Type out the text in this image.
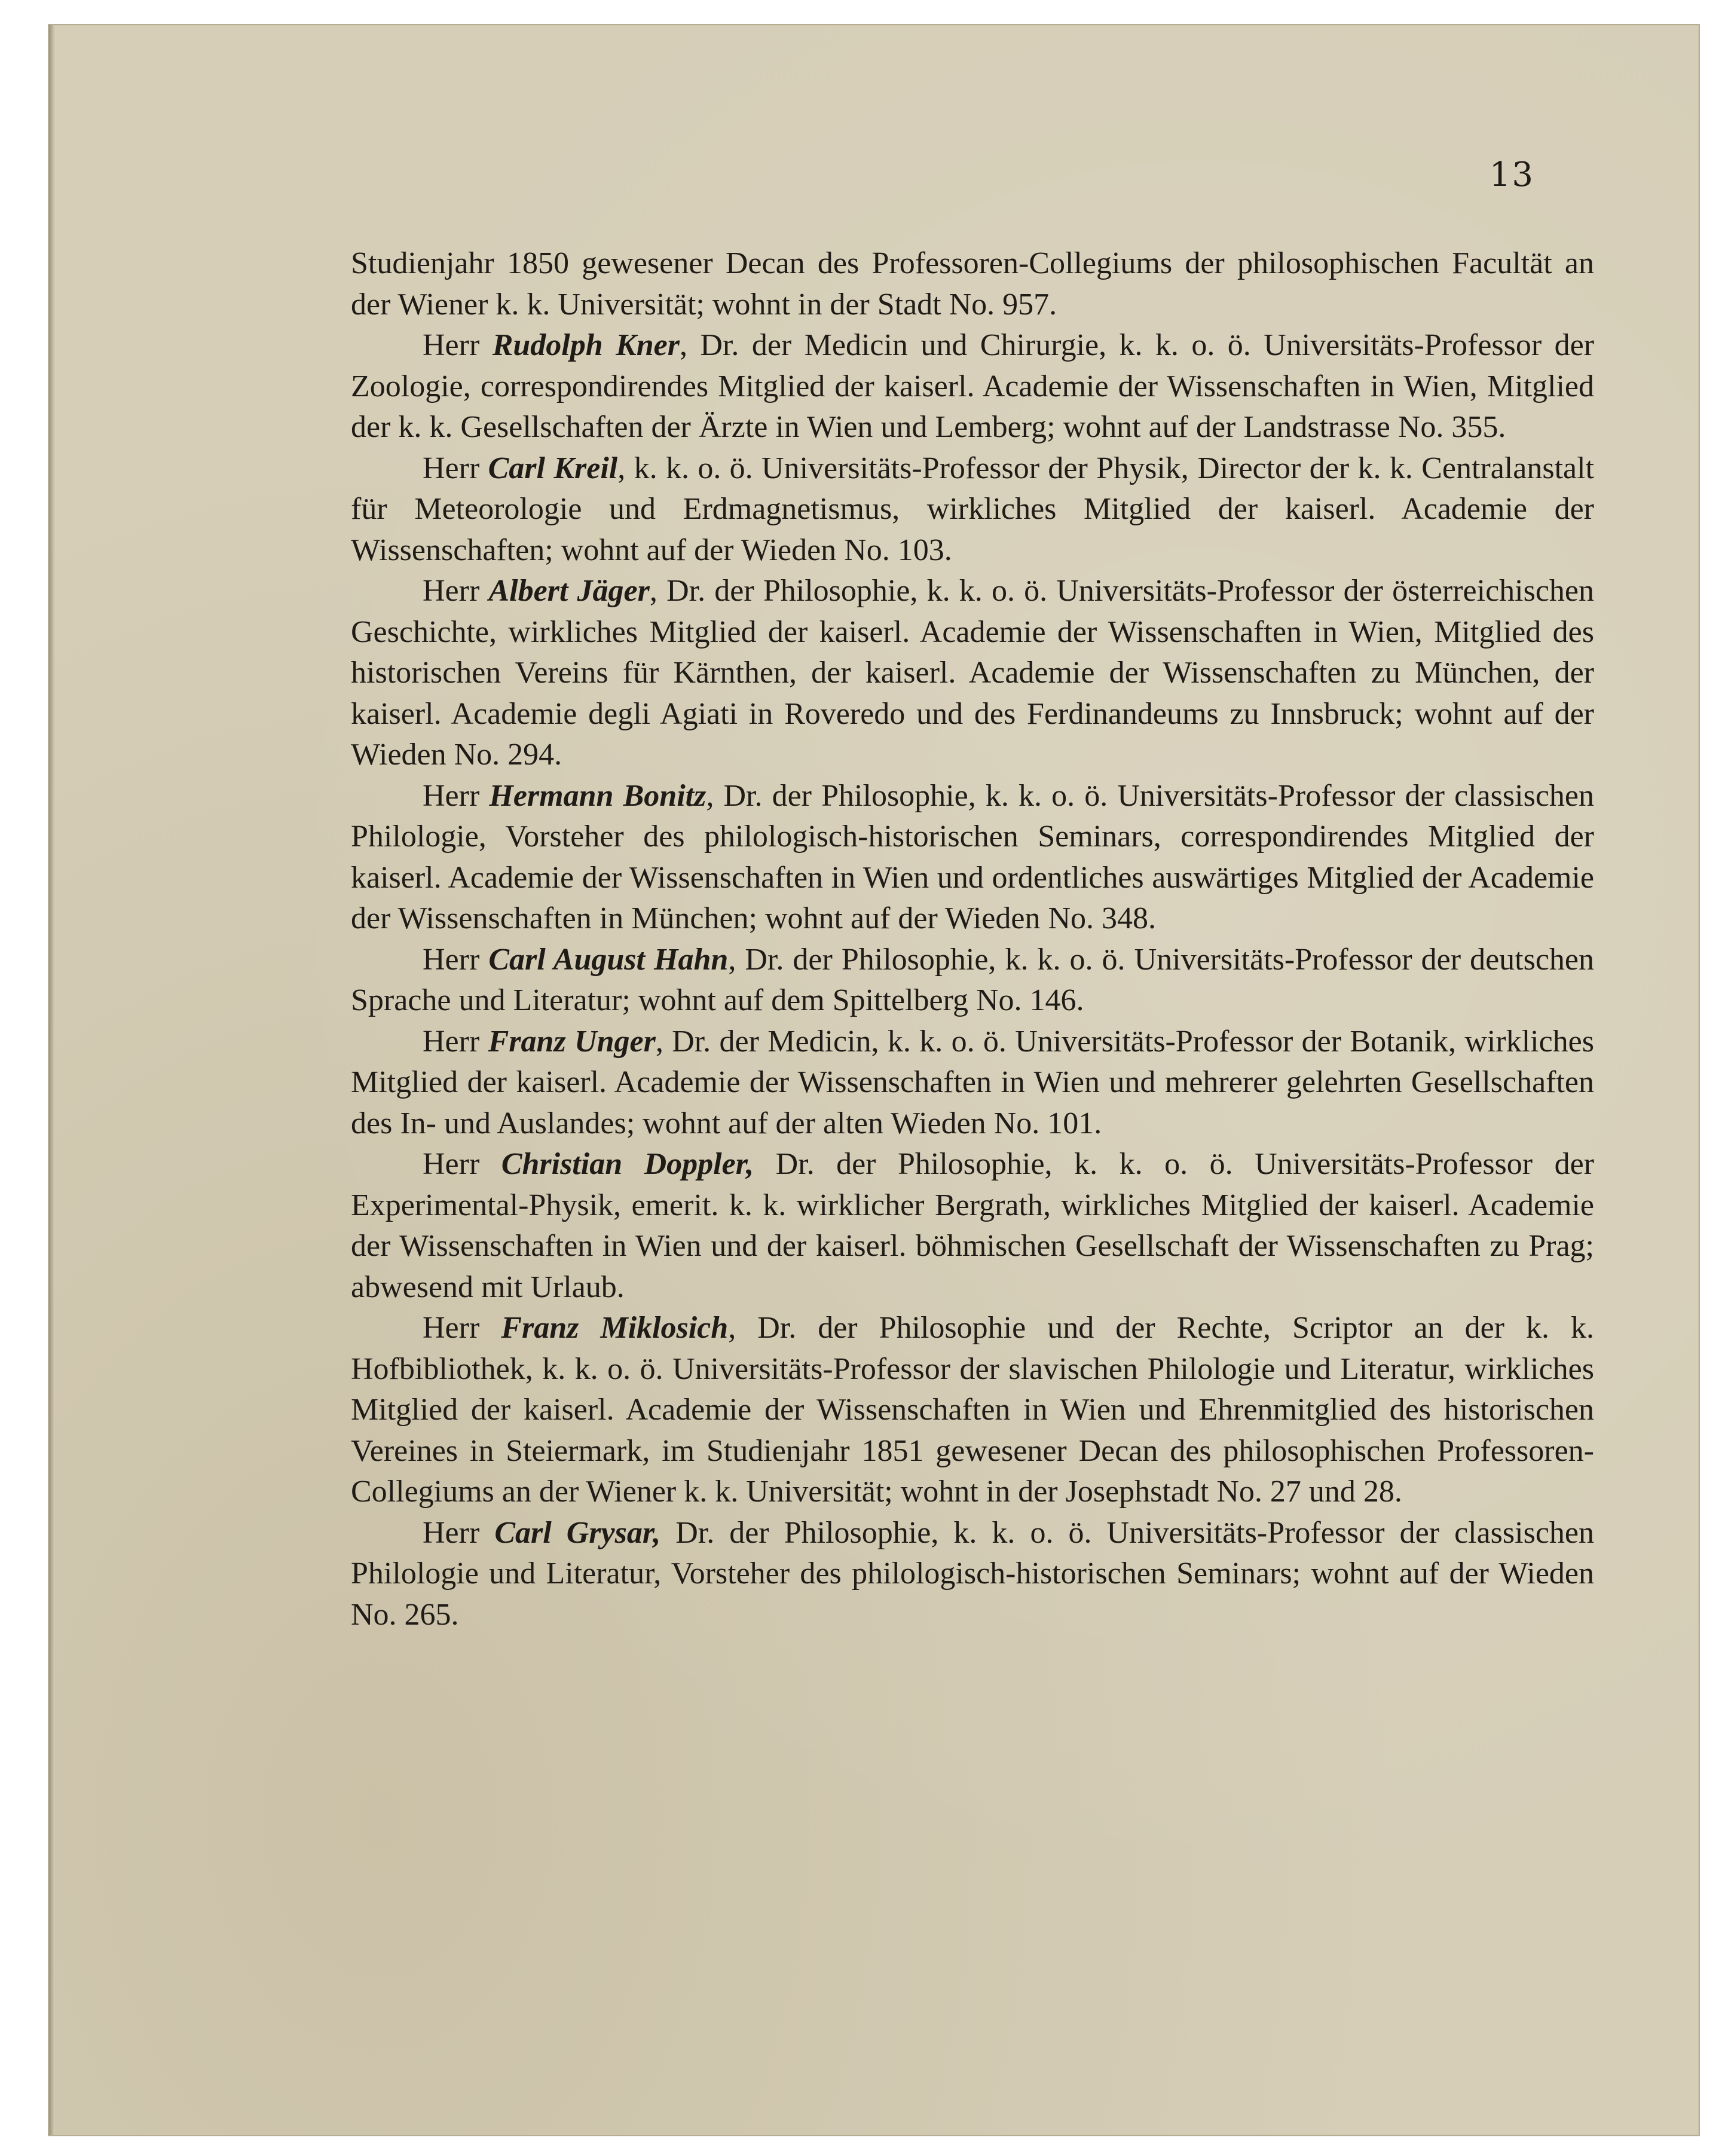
13

Studienjahr 1850 gewesener Decan des Professoren-Collegiums der philosophischen Facultät an der Wiener k. k. Universität; wohnt in der Stadt No. 957.

Herr Rudolph Kner, Dr. der Medicin und Chirurgie, k. k. o. ö. Universitäts-Professor der Zoologie, correspondirendes Mitglied der kaiserl. Academie der Wissenschaften in Wien, Mitglied der k. k. Gesellschaften der Ärzte in Wien und Lemberg; wohnt auf der Landstrasse No. 355.

Herr Carl Kreil, k. k. o. ö. Universitäts-Professor der Physik, Director der k. k. Centralanstalt für Meteorologie und Erdmagnetismus, wirkliches Mitglied der kaiserl. Academie der Wissenschaften; wohnt auf der Wieden No. 103.

Herr Albert Jäger, Dr. der Philosophie, k. k. o. ö. Universitäts-Professor der österreichischen Geschichte, wirkliches Mitglied der kaiserl. Academie der Wissenschaften in Wien, Mitglied des historischen Vereins für Kärnthen, der kaiserl. Academie der Wissenschaften zu München, der kaiserl. Academie degli Agiati in Roveredo und des Ferdinandeums zu Innsbruck; wohnt auf der Wieden No. 294.

Herr Hermann Bonitz, Dr. der Philosophie, k. k. o. ö. Universitäts-Professor der classischen Philologie, Vorsteher des philologisch-historischen Seminars, correspondirendes Mitglied der kaiserl. Academie der Wissenschaften in Wien und ordentliches auswärtiges Mitglied der Academie der Wissenschaften in München; wohnt auf der Wieden No. 348.

Herr Carl August Hahn, Dr. der Philosophie, k. k. o. ö. Universitäts-Professor der deutschen Sprache und Literatur; wohnt auf dem Spittelberg No. 146.

Herr Franz Unger, Dr. der Medicin, k. k. o. ö. Universitäts-Professor der Botanik, wirkliches Mitglied der kaiserl. Academie der Wissenschaften in Wien und mehrerer gelehrten Gesellschaften des In- und Auslandes; wohnt auf der alten Wieden No. 101.

Herr Christian Doppler, Dr. der Philosophie, k. k. o. ö. Universitäts-Professor der Experimental-Physik, emerit. k. k. wirklicher Bergrath, wirkliches Mitglied der kaiserl. Academie der Wissenschaften in Wien und der kaiserl. böhmischen Gesellschaft der Wissenschaften zu Prag; abwesend mit Urlaub.

Herr Franz Miklosich, Dr. der Philosophie und der Rechte, Scriptor an der k. k. Hofbibliothek, k. k. o. ö. Universitäts-Professor der slavischen Philologie und Literatur, wirkliches Mitglied der kaiserl. Academie der Wissenschaften in Wien und Ehrenmitglied des historischen Vereines in Steiermark, im Studienjahr 1851 gewesener Decan des philosophischen Professoren-Collegiums an der Wiener k. k. Universität; wohnt in der Josephstadt No. 27 und 28.

Herr Carl Grysar, Dr. der Philosophie, k. k. o. ö. Universitäts-Professor der classischen Philologie und Literatur, Vorsteher des philologisch-historischen Seminars; wohnt auf der Wieden No. 265.
